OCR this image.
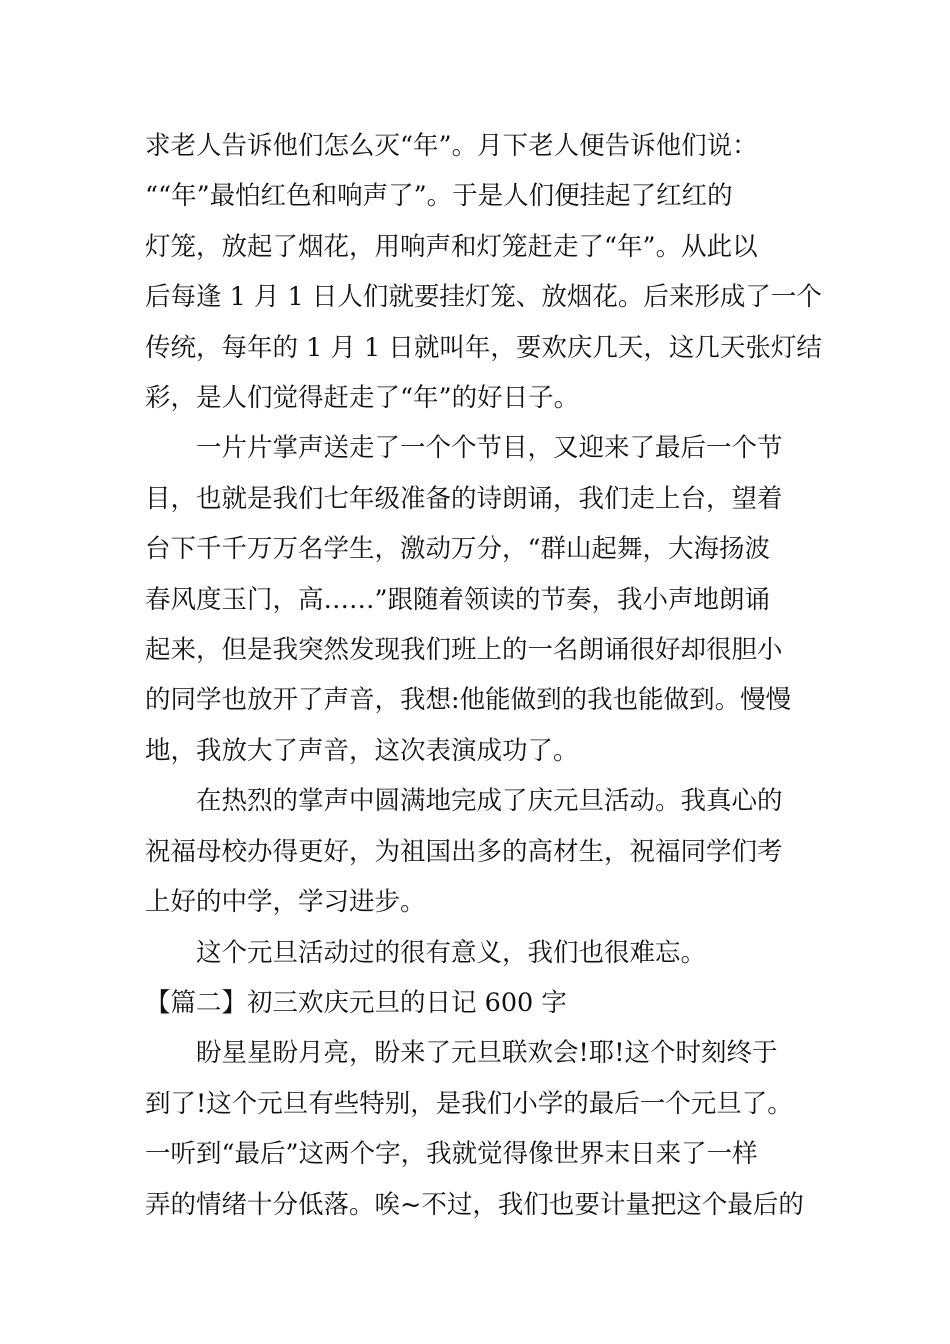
求老人告诉他们怎么灭“年”。月下老人便告诉他们说：
““年”最怕红色和响声了”。于是人们便挂起了红红的
灯笼，放起了烟花，用响声和灯笼赶走了“年”。从此以
后每逢 1 月 1 日人们就要挂灯笼、放烟花。后来形成了一个
传统，每年的 1 月 1 日就叫年，要欢庆几天，这几天张灯结
彩，是人们觉得赶走了“年”的好日子。

一片片掌声送走了一个个节目，又迎来了最后一个节
目，也就是我们七年级准备的诗朗诵，我们走上台，望着
台下千千万万名学生，激动万分，“群山起舞，大海扬波
春风度玉门，高……”跟随着领读的节奏，我小声地朗诵
起来，但是我突然发现我们班上的一名朗诵很好却很胆小
的同学也放开了声音，我想:他能做到的我也能做到。慢慢
地，我放大了声音，这次表演成功了。

在热烈的掌声中圆满地完成了庆元旦活动。我真心的
祝福母校办得更好，为祖国出多的高材生，祝福同学们考
上好的中学，学习进步。

这个元旦活动过的很有意义，我们也很难忘。

【篇二】初三欢庆元旦的日记 600 字

盼星星盼月亮，盼来了元旦联欢会!耶!这个时刻终于
到了!这个元旦有些特别，是我们小学的最后一个元旦了。
一听到“最后”这两个字，我就觉得像世界末日来了一样
弄的情绪十分低落。唉~不过，我们也要计量把这个最后的
